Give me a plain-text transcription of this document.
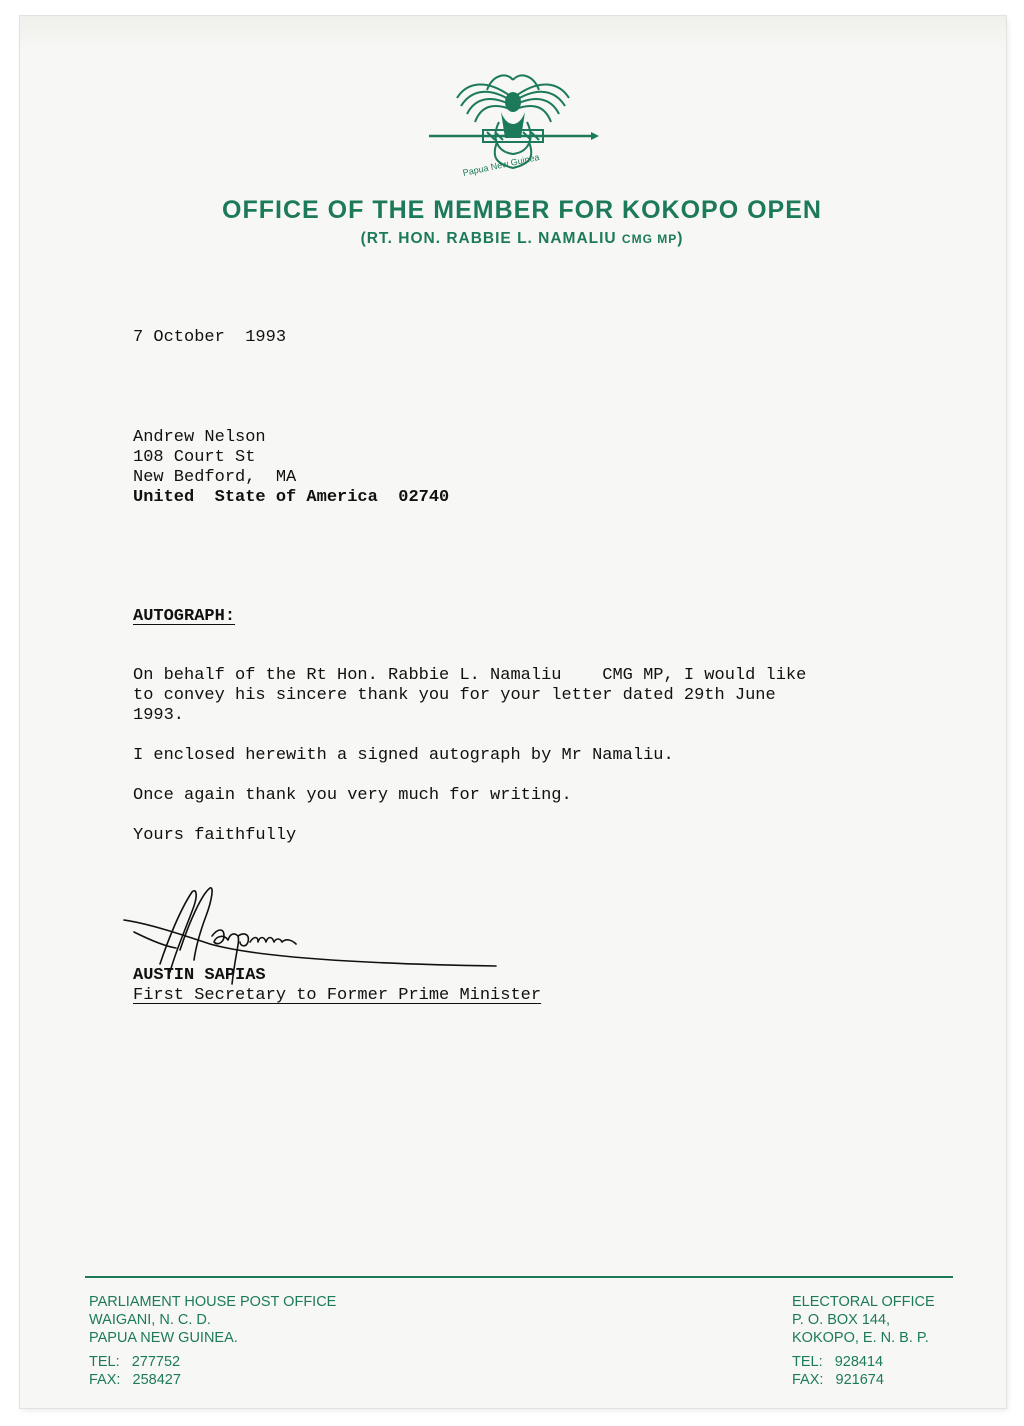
Papua New Guinea
OFFICE OF THE MEMBER FOR KOKOPO OPEN
(RT. HON. RABBIE L. NAMALIU CMG MP)
7 October  1993
Andrew Nelson
108 Court St
New Bedford,  MA
United  State of America  02740
AUTOGRAPH:
On behalf of the Rt Hon. Rabbie L. Namaliu    CMG MP, I would like
to convey his sincere thank you for your letter dated 29th June
1993.
I enclosed herewith a signed autograph by Mr Namaliu.
Once again thank you very much for writing.
Yours faithfully
AUSTIN SAPIAS
First Secretary to Former Prime Minister
PARLIAMENT HOUSE POST OFFICE
WAIGANI, N. C. D.
PAPUA NEW GUINEA.
TEL: 277752
FAX: 258427
ELECTORAL OFFICE
P. O. BOX 144,
KOKOPO, E. N. B. P.
TEL: 928414
FAX: 921674
